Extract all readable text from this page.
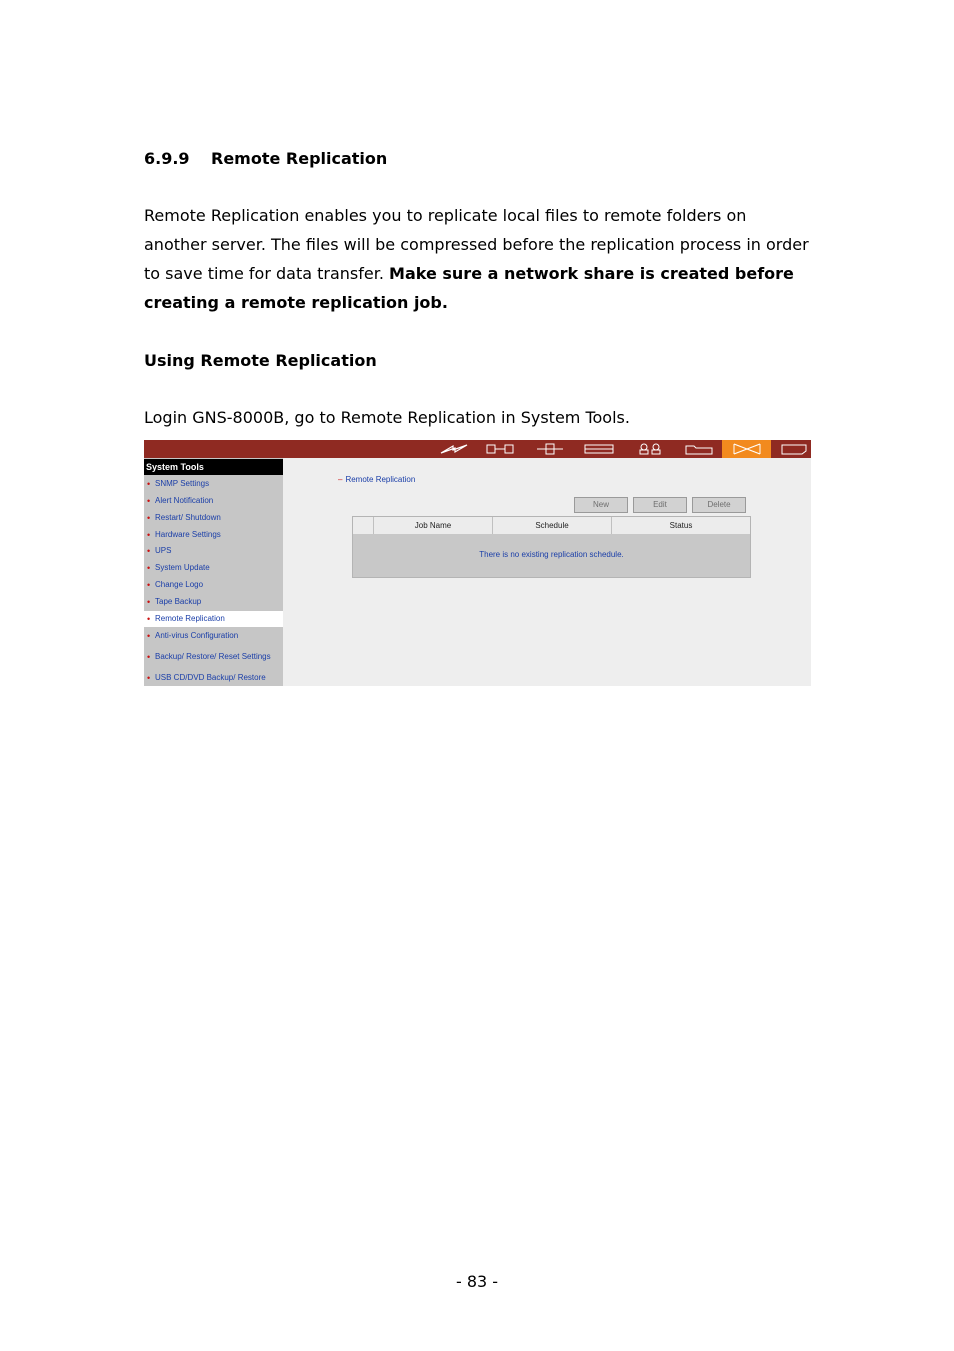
6.9.9 Remote Replication
Remote Replication enables you to replicate local files to remote folders on another server. The files will be compressed before the replication process in order to save time for data transfer. Make sure a network share is created before creating a remote replication job.
Using Remote Replication
Login GNS-8000B, go to Remote Replication in System Tools.
System Tools
• SNMP Settings
• Alert Notification
• Restart/ Shutdown
• Hardware Settings
• UPS
• System Update
• Change Logo
• Tape Backup
• Remote Replication
• Anti-virus Configuration
• Backup/ Restore/ Reset Settings
• USB CD/DVD Backup/ Restore
– Remote Replication
New	Edit	Delete
Job Name	Schedule	Status
There is no existing replication schedule.
- 83 -
